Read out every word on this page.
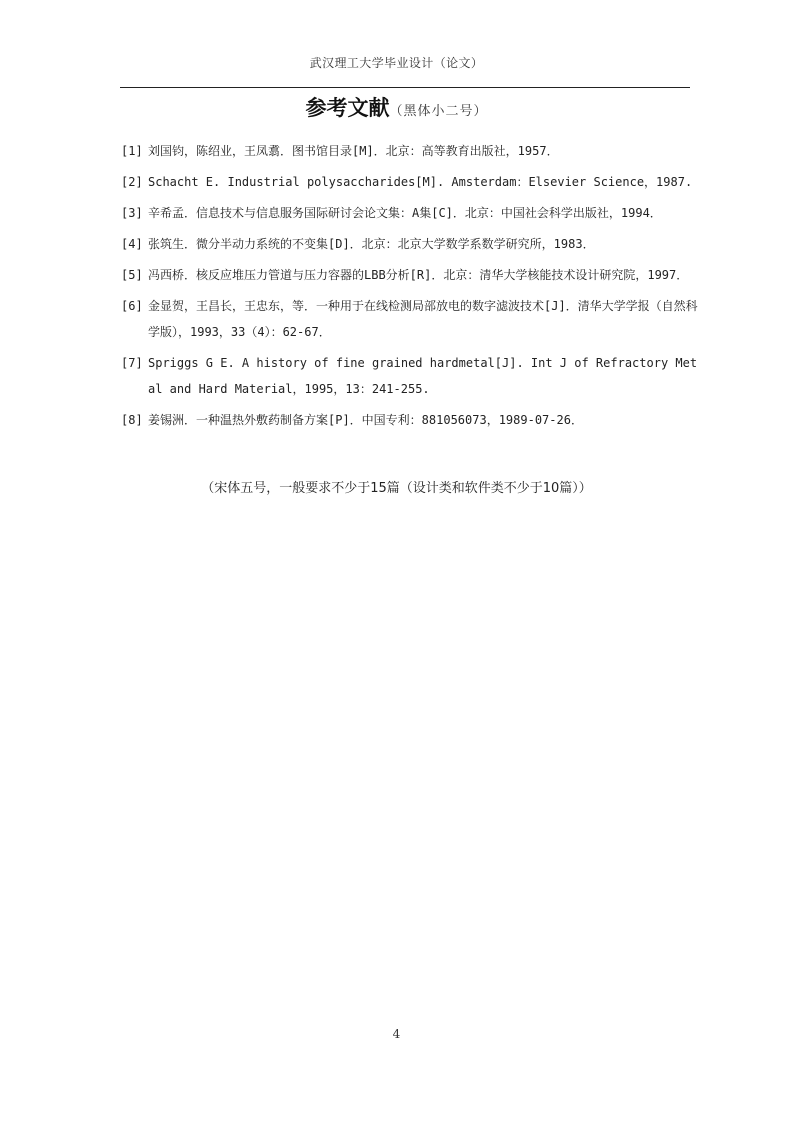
武汉理工大学毕业设计（论文）
参考文献（黑体小二号）
[1] 刘国钧，陈绍业，王凤翥．图书馆目录[M]．北京：高等教育出版社，1957．
[2] Schacht E. Industrial polysaccharides[M]. Amsterdam：Elsevier Science，1987.
[3] 辛希孟．信息技术与信息服务国际研讨会论文集：A集[C]．北京：中国社会科学出版社，1994．
[4] 张筑生．微分半动力系统的不变集[D]．北京：北京大学数学系数学研究所，1983．
[5] 冯西桥．核反应堆压力管道与压力容器的LBB分析[R]．北京：清华大学核能技术设计研究院，1997．
[6] 金显贺，王昌长，王忠东，等．一种用于在线检测局部放电的数字滤波技术[J]．清华大学学报（自然科学版），1993，33（4）：62-67．
[7] Spriggs G E. A history of fine grained hardmetal[J]. Int J of Refractory Metal and Hard Material，1995，13：241-255.
[8] 姜锡洲．一种温热外敷药制备方案[P]．中国专利：881056073，1989-07-26．
（宋体五号，一般要求不少于15篇（设计类和软件类不少于10篇））
4
